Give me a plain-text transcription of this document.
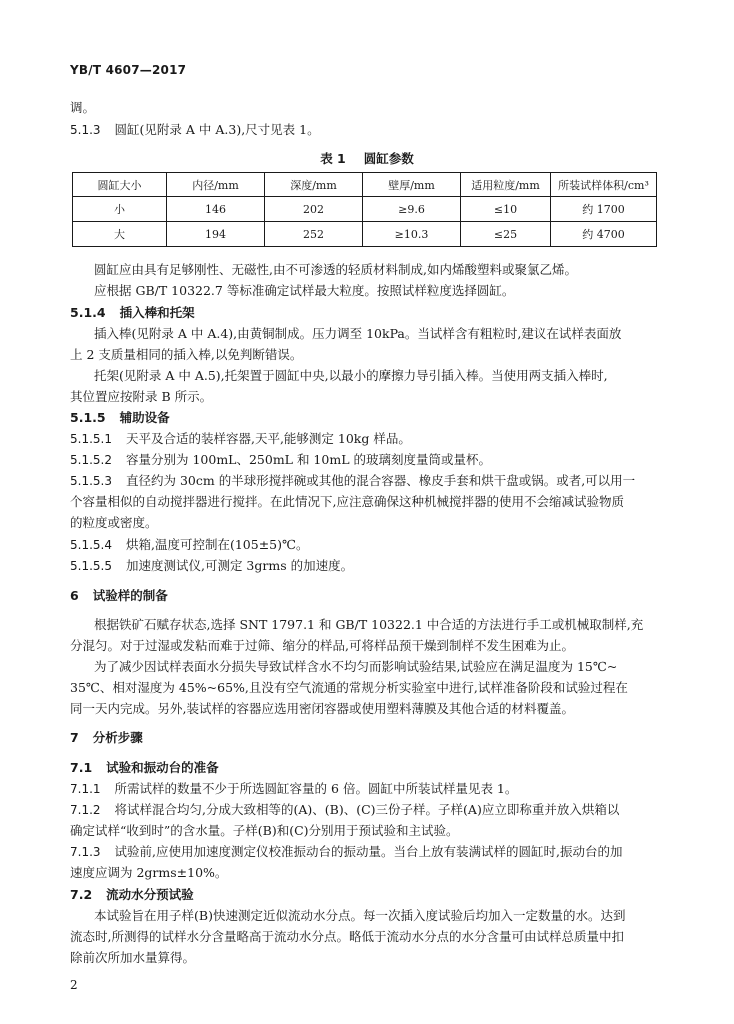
YB/T 4607—2017
调。
5.1.3 圆缸(见附录 A 中 A.3),尺寸见表 1。
表 1 圆缸参数
圆缸大小	内径/mm	深度/mm	壁厚/mm	适用粒度/mm	所装试样体积/cm³
小	146	202	≥9.6	≤10	约 1700
大	194	252	≥10.3	≤25	约 4700
圆缸应由具有足够刚性、无磁性,由不可渗透的轻质材料制成,如内烯酸塑料或聚氯乙烯。
应根据 GB/T 10322.7 等标准确定试样最大粒度。按照试样粒度选择圆缸。
5.1.4 插入棒和托架
插入棒(见附录 A 中 A.4),由黄铜制成。压力调至 10kPa。当试样含有粗粒时,建议在试样表面放
上 2 支质量相同的插入棒,以免判断错误。
托架(见附录 A 中 A.5),托架置于圆缸中央,以最小的摩擦力导引插入棒。当使用两支插入棒时,
其位置应按附录 B 所示。
5.1.5 辅助设备
5.1.5.1 天平及合适的装样容器,天平,能够测定 10kg 样品。
5.1.5.2 容量分别为 100mL、250mL 和 10mL 的玻璃刻度量筒或量杯。
5.1.5.3 直径约为 30cm 的半球形搅拌碗或其他的混合容器、橡皮手套和烘干盘或锅。或者,可以用一
个容量相似的自动搅拌器进行搅拌。在此情况下,应注意确保这种机械搅拌器的使用不会缩减试验物质
的粒度或密度。
5.1.5.4 烘箱,温度可控制在(105±5)℃。
5.1.5.5 加速度测试仪,可测定 3grms 的加速度。
6 试验样的制备
根据铁矿石赋存状态,选择 SNT 1797.1 和 GB/T 10322.1 中合适的方法进行手工或机械取制样,充
分混匀。对于过湿或发粘而难于过筛、缩分的样品,可将样品预干燥到制样不发生困难为止。
为了减少因试样表面水分损失导致试样含水不均匀而影响试验结果,试验应在满足温度为 15℃~
35℃、相对湿度为 45%~65%,且没有空气流通的常规分析实验室中进行,试样准备阶段和试验过程在
同一天内完成。另外,装试样的容器应选用密闭容器或使用塑料薄膜及其他合适的材料覆盖。
7 分析步骤
7.1 试验和振动台的准备
7.1.1 所需试样的数量不少于所选圆缸容量的 6 倍。圆缸中所装试样量见表 1。
7.1.2 将试样混合均匀,分成大致相等的(A)、(B)、(C)三份子样。子样(A)应立即称重并放入烘箱以
确定试样“收到时”的含水量。子样(B)和(C)分别用于预试验和主试验。
7.1.3 试验前,应使用加速度测定仪校准振动台的振动量。当台上放有装满试样的圆缸时,振动台的加
速度应调为 2grms±10%。
7.2 流动水分预试验
本试验旨在用子样(B)快速测定近似流动水分点。每一次插入度试验后均加入一定数量的水。达到
流态时,所测得的试样水分含量略高于流动水分点。略低于流动水分点的水分含量可由试样总质量中扣
除前次所加水量算得。
2
